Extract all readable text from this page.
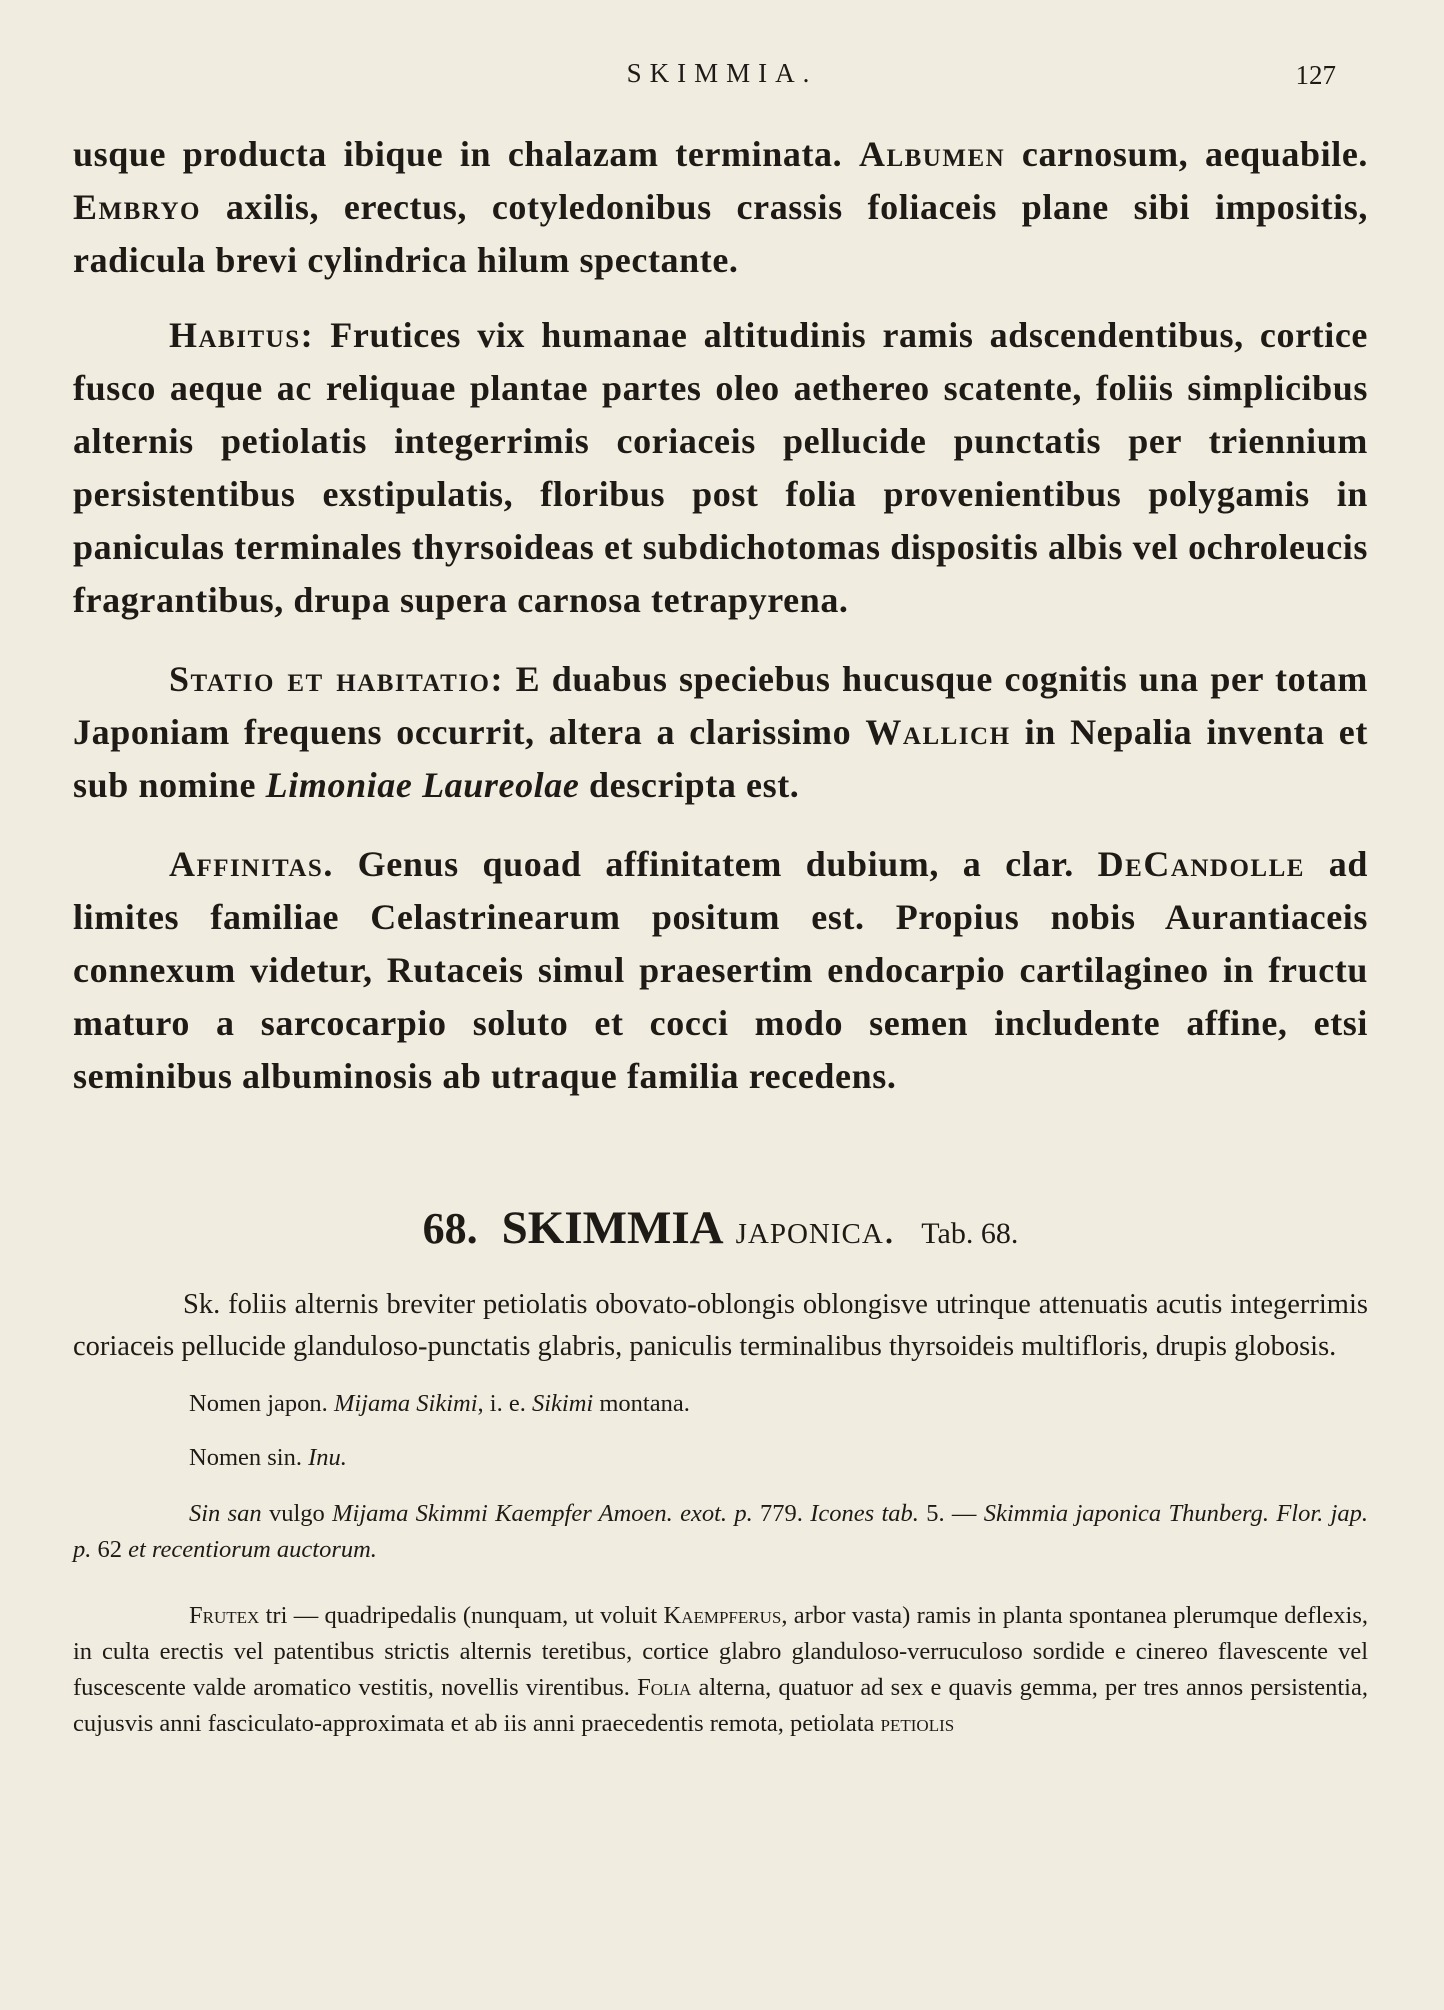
SKIMMIA.	127

usque producta ibique in chalazam terminata. Albumen carnosum, aequabile. Embryo axilis, erectus, cotyledonibus crassis foliaceis plane sibi impositis, radicula brevi cylindrica hilum spectante.

Habitus: Frutices vix humanae altitudinis ramis adscendentibus, cortice fusco aeque ac reliquae plantae partes oleo aethereo scatente, foliis simplicibus alternis petiolatis integerrimis coriaceis pellucide punctatis per triennium persistentibus exstipulatis, floribus post folia provenientibus polygamis in paniculas terminales thyrsoideas et subdichotomas dispositis albis vel ochroleucis fragrantibus, drupa supera carnosa tetrapyrena.

Statio et habitatio: E duabus speciebus hucusque cognitis una per totam Japoniam frequens occurrit, altera a clarissimo Wallich in Nepalia inventa et sub nomine Limoniae Laureolae descripta est.

Affinitas. Genus quoad affinitatem dubium, a clar. DeCandolle ad limites familiae Celastrinearum positum est. Propius nobis Aurantiaceis connexum videtur, Rutaceis simul praesertim endocarpio cartilagineo in fructu maturo a sarcocarpio soluto et cocci modo semen includente affine, etsi seminibus albuminosis ab utraque familia recedens.

68. SKIMMIA japonica. Tab. 68.

Sk. foliis alternis breviter petiolatis obovato-oblongis oblongisve utrinque attenuatis acutis integerrimis coriaceis pellucide glanduloso-punctatis glabris, paniculis terminalibus thyrsoideis multifloris, drupis globosis.

Nomen japon. Mijama Sikimi, i. e. Sikimi montana.

Nomen sin. Inu.

Sin san vulgo Mijama Skimmi Kaempfer Amoen. exot. p. 779. Icones tab. 5. — Skimmia japonica Thunberg. Flor. jap. p. 62 et recentiorum auctorum.

Frutex tri — quadripedalis (nunquam, ut voluit Kaempferus, arbor vasta) ramis in planta spontanea plerumque deflexis, in culta erectis vel patentibus strictis alternis teretibus, cortice glabro glanduloso-verruculoso sordide e cinereo flavescente vel fuscescente valde aromatico vestitis, novellis virentibus. Folia alterna, quatuor ad sex e quavis gemma, per tres annos persistentia, cujusvis anni fasciculato-approximata et ab iis anni praecedentis remota, petiolata petiolis
